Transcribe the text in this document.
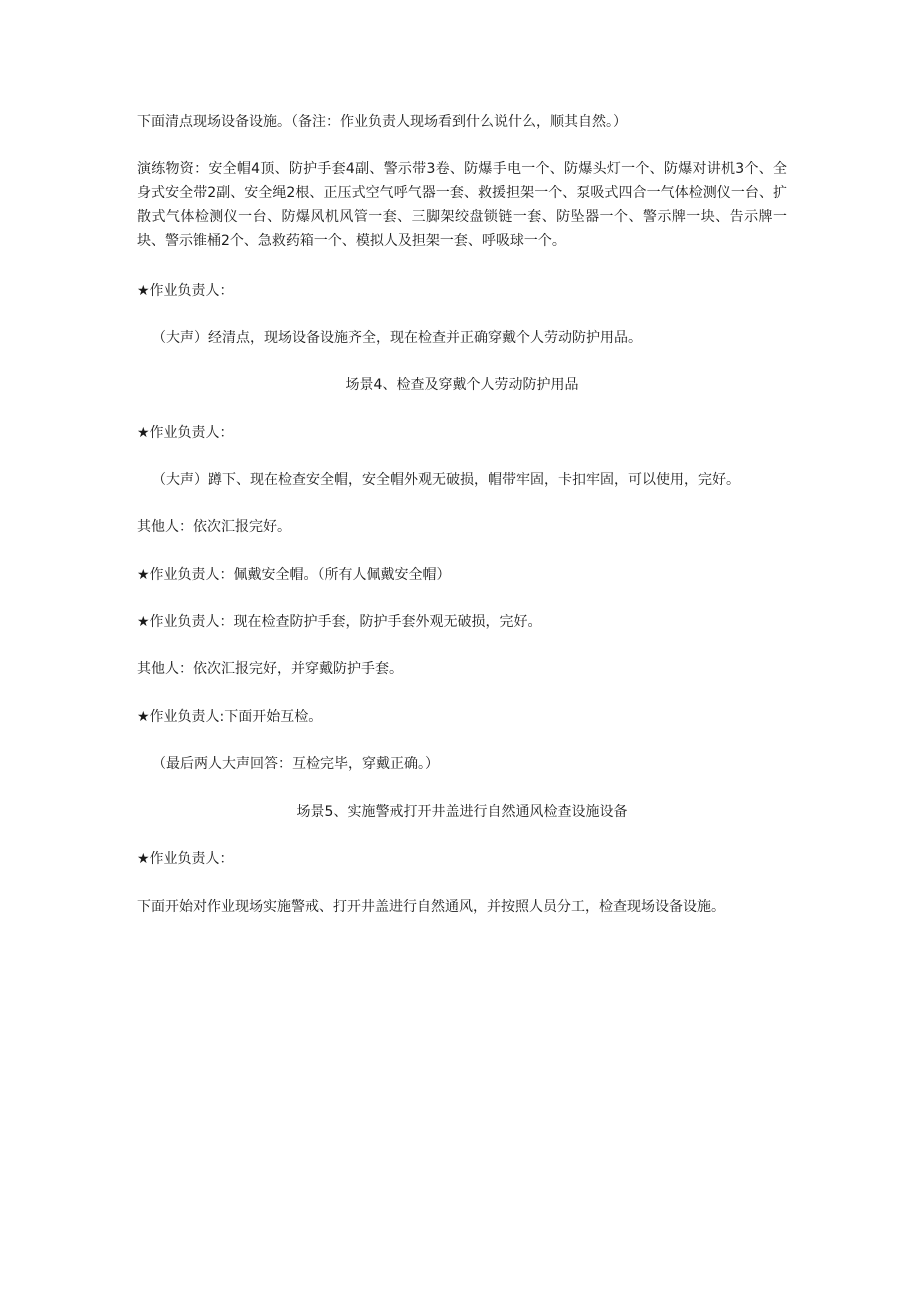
下面清点现场设备设施。（备注：作业负责人现场看到什么说什么，顺其自然。）
演练物资：安全帽4顶、防护手套4副、警示带3卷、防爆手电一个、防爆头灯一个、防爆对讲机3个、全身式安全带2副、安全绳2根、正压式空气呼气器一套、救援担架一个、泵吸式四合一气体检测仪一台、扩散式气体检测仪一台、防爆风机风管一套、三脚架绞盘锁链一套、防坠器一个、警示牌一块、告示牌一块、警示锥桶2个、急救药箱一个、模拟人及担架一套、呼吸球一个。
★作业负责人：
（大声）经清点，现场设备设施齐全，现在检查并正确穿戴个人劳动防护用品。
场景4、检查及穿戴个人劳动防护用品
★作业负责人：
（大声）蹲下、现在检查安全帽，安全帽外观无破损，帽带牢固，卡扣牢固，可以使用，完好。
其他人：依次汇报完好。
★作业负责人：佩戴安全帽。（所有人佩戴安全帽）
★作业负责人：现在检查防护手套，防护手套外观无破损，完好。
其他人：依次汇报完好，并穿戴防护手套。
★作业负责人:下面开始互检。
（最后两人大声回答：互检完毕，穿戴正确。）
场景5、实施警戒打开井盖进行自然通风检查设施设备
★作业负责人：
下面开始对作业现场实施警戒、打开井盖进行自然通风，并按照人员分工，检查现场设备设施。
